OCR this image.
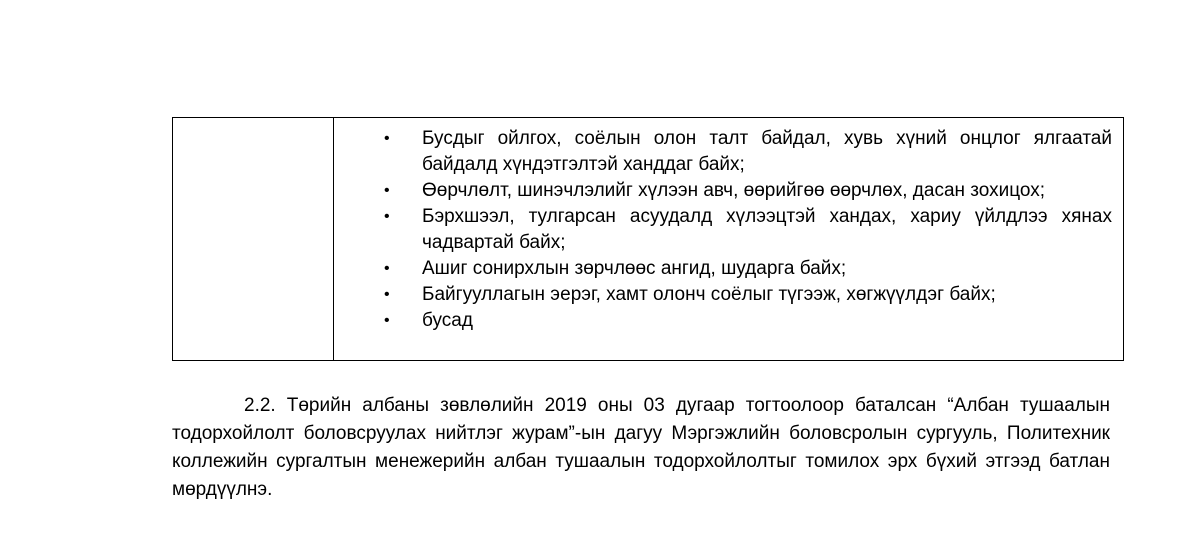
•	Бусдыг ойлгох, соёлын олон талт байдал, хувь хүний онцлог ялгаатай байдалд хүндэтгэлтэй ханддаг байх;
•	Өөрчлөлт, шинэчлэлийг хүлээн авч, өөрийгөө өөрчлөх, дасан зохицох;
•	Бэрхшээл, тулгарсан асуудалд хүлээцтэй хандах, хариу үйлдлээ хянах чадвартай байх;
•	Ашиг сонирхлын зөрчлөөс ангид, шударга байх;
•	Байгууллагын эерэг, хамт олонч соёлыг түгээж, хөгжүүлдэг байх;
•	бусад

2.2. Төрийн албаны зөвлөлийн 2019 оны 03 дугаар тогтоолоор баталсан “Албан тушаалын тодорхойлолт боловсруулах нийтлэг журам”-ын дагуу Мэргэжлийн боловсролын сургууль, Политехник коллежийн сургалтын менежерийн албан тушаалын тодорхойлолтыг томилох эрх бүхий этгээд батлан мөрдүүлнэ.
